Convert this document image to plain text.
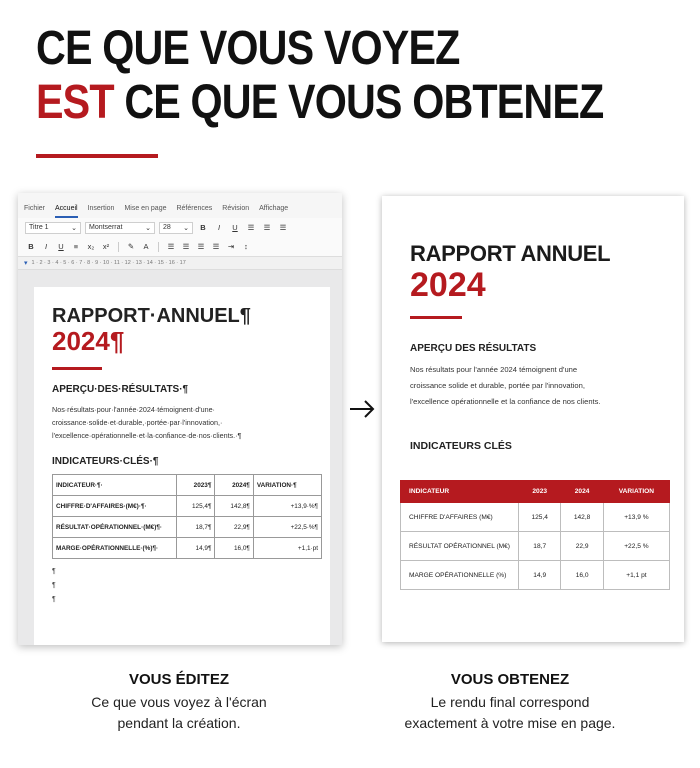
CE QUE VOUS VOYEZ
EST CE QUE VOUS OBTENEZ
Fichier Accueil Insertion Mise en page Références Révision Affichage
Titre 1	⌄ Montserrat	⌄ 28 ⌄ B I U	☰	☰	☰
B I U	≡	x₂	x²	✎	A	☰	☰	☰	☰	⇥	↕
▾ 1 · 2 · 3 · 4 · 5 · 6 · 7 · 8 · 9 · 10 · 11 · 12 · 13 · 14 · 15 · 16 · 17
RAPPORT·ANNUEL¶
2024¶
APERÇU·DES·RÉSULTATS·¶
Nos·résultats·pour·l'année·2024·témoignent·d'une·
croissance·solide·et·durable,·portée·par·l'innovation,·
l'excellence·opérationnelle·et·la·confiance·de·nos·clients.·¶
INDICATEURS·CLÉS·¶
INDICATEUR·¶·	2023¶	2024¶	VARIATION·¶
CHIFFRE·D'AFFAIRES·(M€)·¶·	125,4¶	142,8¶	+13,9·%¶
RÉSULTAT·OPÉRATIONNEL·(M€)¶·	18,7¶	22,9¶	+22,5·%¶
MARGE·OPÉRATIONNELLE·(%)¶·	14,9¶	16,0¶	+1,1·pt
¶
¶
¶
RAPPORT ANNUEL
2024
APERÇU DES RÉSULTATS
Nos résultats pour l'année 2024 témoignent d'une
croissance solide et durable, portée par l'innovation,
l'excellence opérationnelle et la confiance de nos clients.
INDICATEURS CLÉS
INDICATEUR	2023	2024	VARIATION
CHIFFRE D'AFFAIRES (M€)	125,4	142,8	+13,9 %
RÉSULTAT OPÉRATIONNEL (M€)	18,7	22,9	+22,5 %
MARGE OPÉRATIONNELLE (%)	14,9	16,0	+1,1 pt
VOUS ÉDITEZ
Ce que vous voyez à l'écran
pendant la création.
VOUS OBTENEZ
Le rendu final correspond
exactement à votre mise en page.
